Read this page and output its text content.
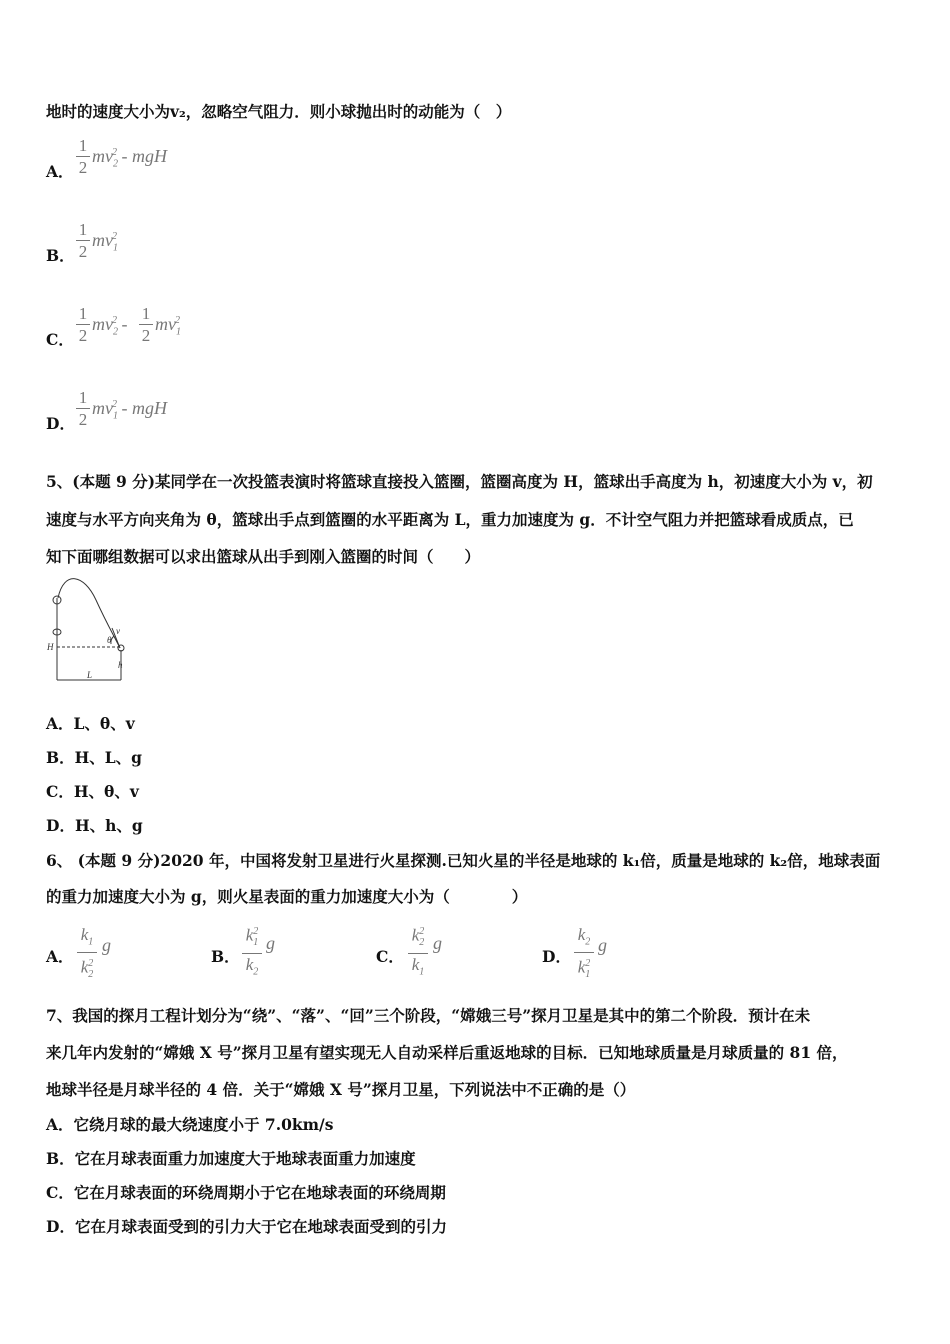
地时的速度大小为v₂，忽略空气阻力．则小球抛出时的动能为（　）
A．
1
2
$mv_2^2$ - mgH
B．
1
2
$mv_1^2$
C．
1
2
$mv_2^2$ -
1
2
$mv_1^2$
D．
1
2
$mv_1^2$ - mgH
5、(本题 9 分)某同学在一次投篮表演时将篮球直接投入篮圈，篮圈高度为 H，篮球出手高度为 h，初速度大小为 v，初
速度与水平方向夹角为 θ，篮球出手点到篮圈的水平距离为 L，重力加速度为 g．不计空气阻力并把篮球看成质点，已
知下面哪组数据可以求出篮球从出手到刚入篮圈的时间（　　）
H
h
L
v
θ
A．L、θ、v
B．H、L、g
C．H、θ、v
D．H、h、g
6、 (本题 9 分)2020 年，中国将发射卫星进行火星探测.已知火星的半径是地球的 k₁倍，质量是地球的 k₂倍，地球表面
的重力加速度大小为 g，则火星表面的重力加速度大小为（　　　　）
A．
$k_1$
$k_2^2$
g
B．
$k_1^2$
$k_2$
g
C．
$k_2^2$
$k_1$
g
D．
$k_2$
$k_1^2$
g
7、我国的探月工程计划分为“绕”、“落”、“回”三个阶段，“嫦娥三号”探月卫星是其中的第二个阶段．预计在未
来几年内发射的“嫦娥 X 号”探月卫星有望实现无人自动采样后重返地球的目标．已知地球质量是月球质量的 81 倍，
地球半径是月球半径的 4 倍．关于“嫦娥 X 号”探月卫星，下列说法中不正确的是（）
A．它绕月球的最大绕速度小于 7.0km/s
B．它在月球表面重力加速度大于地球表面重力加速度
C．它在月球表面的环绕周期小于它在地球表面的环绕周期
D．它在月球表面受到的引力大于它在地球表面受到的引力
